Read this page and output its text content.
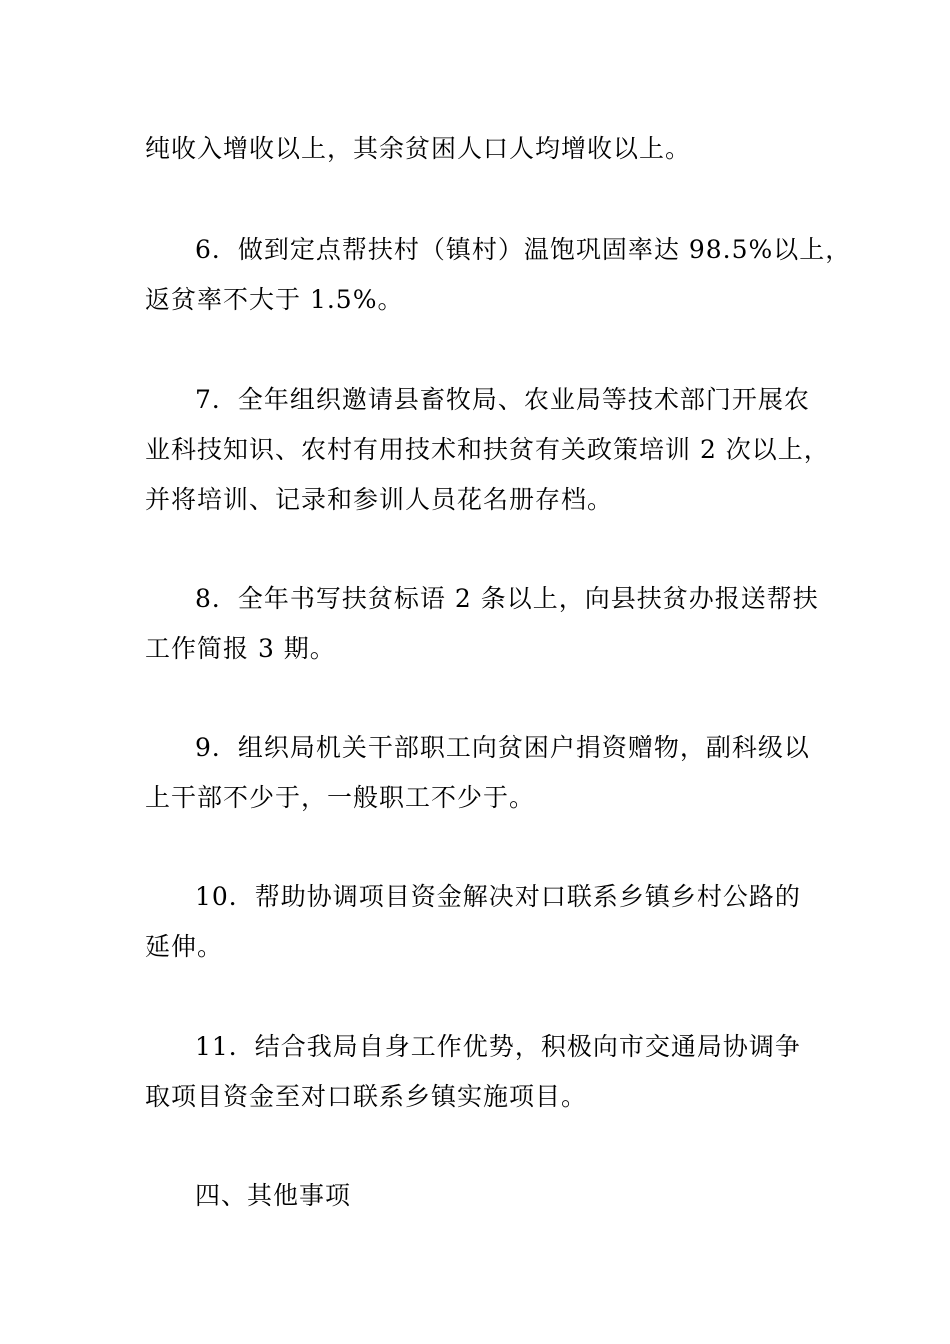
纯收入增收以上，其余贫困人口人均增收以上。
6．做到定点帮扶村（镇村）温饱巩固率达 98.5%以上，
返贫率不大于 1.5%。
7．全年组织邀请县畜牧局、农业局等技术部门开展农
业科技知识、农村有用技术和扶贫有关政策培训 2 次以上，
并将培训、记录和参训人员花名册存档。
8．全年书写扶贫标语 2 条以上，向县扶贫办报送帮扶
工作简报 3 期。
9．组织局机关干部职工向贫困户捐资赠物，副科级以
上干部不少于，一般职工不少于。
10．帮助协调项目资金解决对口联系乡镇乡村公路的
延伸。
11．结合我局自身工作优势，积极向市交通局协调争
取项目资金至对口联系乡镇实施项目。
四、其他事项
